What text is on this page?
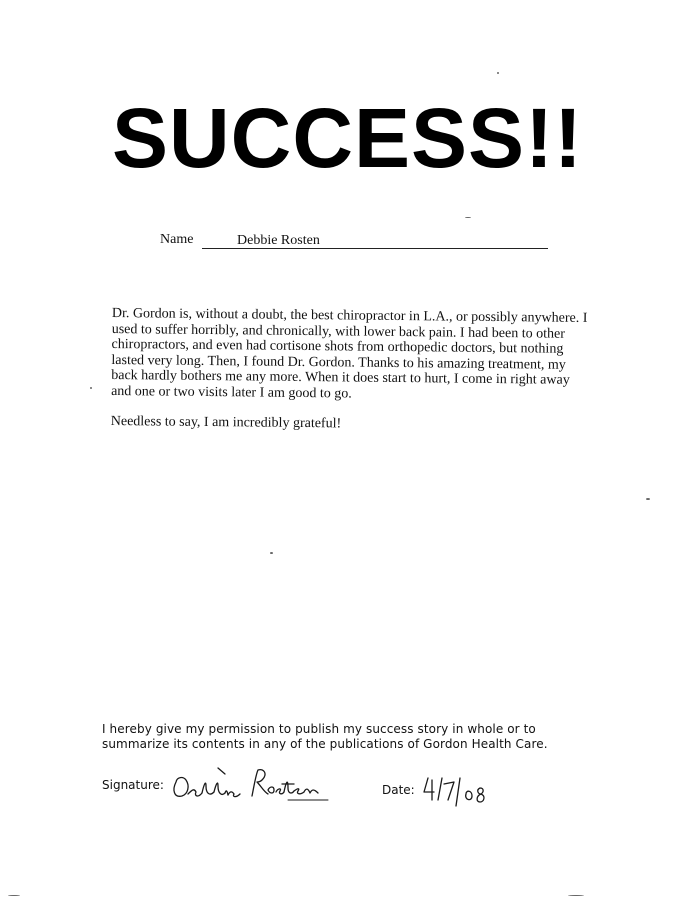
SUCCESS!!
Name	Debbie Rosten

Dr. Gordon is, without a doubt, the best chiropractor in L.A., or possibly anywhere. I used to suffer horribly, and chronically, with lower back pain. I had been to other chiropractors, and even had cortisone shots from orthopedic doctors, but nothing lasted very long. Then, I found Dr. Gordon. Thanks to his amazing treatment, my back hardly bothers me any more. When it does start to hurt, I come in right away and one or two visits later I am good to go.

Needless to say, I am incredibly grateful!

I hereby give my permission to publish my success story in whole or to summarize its contents in any of the publications of Gordon Health Care.
Signature:	Date:
